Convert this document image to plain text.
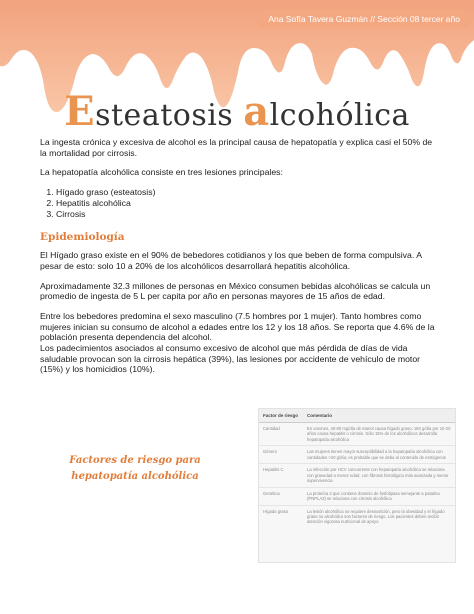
Ana Sofía Tavera Guzmán // Sección 08 tercer año
Esteatosis alcohólica

La ingesta crónica y excesiva de alcohol es la principal causa de hepatopatía y explica casi el 50% de la mortalidad por cirrosis.

La hepatopatía alcohólica consiste en tres lesiones principales:

1. Hígado graso (esteatosis)
2. Hepatitis alcohólica
3. Cirrosis
Epidemiología

El Hígado graso existe en el 90% de bebedores cotidianos y los que beben de forma compulsiva. A pesar de esto: solo 10 a 20% de los alcohólicos desarrollará hepatitis alcohólica.

Aproximadamente 32.3 millones de personas en México consumen bebidas alcohólicas se calcula un promedio de ingesta de 5 L per capita por año en personas mayores de 15 años de edad.

Entre los bebedores predomina el sexo masculino (7.5 hombres por 1 mujer). Tanto hombres como mujeres inician su consumo de alcohol a edades entre los 12 y los 18 años. Se reporta que 4.6% de la población presenta dependencia del alcohol.

Los padecimientos asociados al consumo excesivo de alcohol que más pérdida de días de vida saludable provocan son la cirrosis hepática (39%), las lesiones por accidente de vehículo de motor (15%) y los homicidios (10%).

Factores de riesgo para hepatopatía alcohólica
Factor de riesgo	Comentario
Cantidad	En varones, 40-80 mg/día de etanol causa hígado graso; 160 g/día por 10-20 años causa hepatitis o cirrosis. Sólo 15% de los alcohólicos desarrolla hepatopatía alcohólica
Género	Las mujeres tienen mayor susceptibilidad a la hepatopatía alcohólica con cantidades >20 g/día; es probable que se deba al contenido de estrógenos
Hepatitis C	La infección por HCV concurrente con hepatopatía alcohólica se relaciona con gravedad a menor edad, con fibrosis histológica más avanzada y menor supervivencia
Genética	La proteína 3 que contiene dominio de fosfolipasa semejante a patatina (PNPLA3) se relaciona con cirrosis alcohólica
Hígado graso	La lesión alcohólica no requiere desnutrición, pero la obesidad y el hígado graso no alcohólico son factores de riesgo. Los pacientes deben recibir atención vigorosa nutricional de apoyo
